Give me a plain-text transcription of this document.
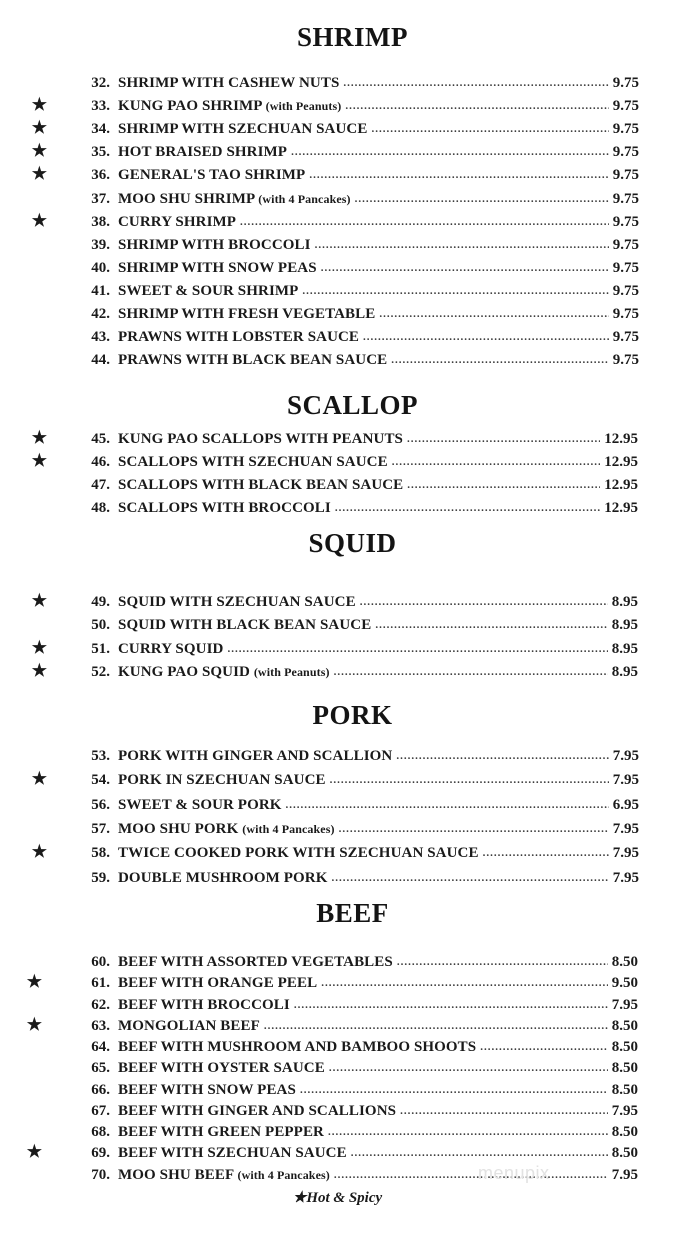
SHRIMP
32. SHRIMP WITH CASHEW NUTS .....	9.75
★	33. KUNG PAO SHRIMP (with Peanuts) .....	9.75
★	34. SHRIMP WITH SZECHUAN SAUCE .....	9.75
★	35. HOT BRAISED SHRIMP .....	9.75
★	36. GENERAL'S TAO SHRIMP .....	9.75
37. MOO SHU SHRIMP (with 4 Pancakes) .....	9.75
★	38. CURRY SHRIMP .....	9.75
39. SHRIMP WITH BROCCOLI .....	9.75
40. SHRIMP WITH SNOW PEAS .....	9.75
41. SWEET & SOUR SHRIMP .....	9.75
42. SHRIMP WITH FRESH VEGETABLE .....	9.75
43. PRAWNS WITH LOBSTER SAUCE .....	9.75
44. PRAWNS WITH BLACK BEAN SAUCE .....	9.75
SCALLOP
★	45. KUNG PAO SCALLOPS WITH PEANUTS .....	12.95
★	46. SCALLOPS WITH SZECHUAN SAUCE .....	12.95
47. SCALLOPS WITH BLACK BEAN SAUCE .....	12.95
48. SCALLOPS WITH BROCCOLI .....	12.95
SQUID
★	49. SQUID WITH SZECHUAN SAUCE .....	8.95
50. SQUID WITH BLACK BEAN SAUCE .....	8.95
★	51. CURRY SQUID .....	8.95
★	52. KUNG PAO SQUID (with Peanuts) .....	8.95
PORK
53. PORK WITH GINGER AND SCALLION .....	7.95
★	54. PORK IN SZECHUAN SAUCE .....	7.95
56. SWEET & SOUR PORK .....	6.95
57. MOO SHU PORK (with 4 Pancakes) .....	7.95
★	58. TWICE COOKED PORK WITH SZECHUAN SAUCE .....	7.95
59. DOUBLE MUSHROOM PORK .....	7.95
BEEF
60. BEEF WITH ASSORTED VEGETABLES .....	8.50
★	61. BEEF WITH ORANGE PEEL .....	9.50
62. BEEF WITH BROCCOLI .....	7.95
★	63. MONGOLIAN BEEF .....	8.50
64. BEEF WITH MUSHROOM AND BAMBOO SHOOTS .....	8.50
65. BEEF WITH OYSTER SAUCE .....	8.50
66. BEEF WITH SNOW PEAS .....	8.50
67. BEEF WITH GINGER AND SCALLIONS .....	7.95
68. BEEF WITH GREEN PEPPER .....	8.50
★	69. BEEF WITH SZECHUAN SAUCE .....	8.50
70. MOO SHU BEEF (with 4 Pancakes) .....	7.95
★Hot & Spicy
menupix
